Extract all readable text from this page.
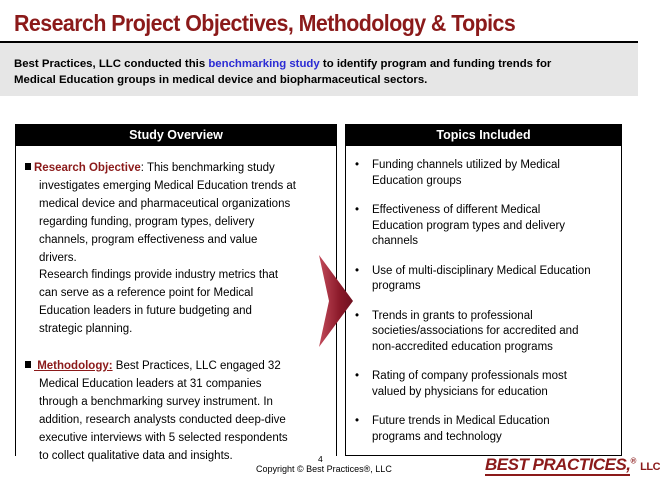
Research Project Objectives, Methodology & Topics
Best Practices, LLC conducted this benchmarking study to identify program and funding trends for
Medical Education groups in medical device and biopharmaceutical sectors.
Study Overview	Topics Included
Research Objective: This benchmarking study
investigates emerging Medical Education trends at
medical device and pharmaceutical organizations
regarding funding, program types, delivery
channels, program effectiveness and value
drivers.
Research findings provide industry metrics that
can serve as a reference point for Medical
Education leaders in future budgeting and
strategic planning.
Methodology: Best Practices, LLC engaged 32
Medical Education leaders at 31 companies
through a benchmarking survey instrument. In
addition, research analysts conducted deep-dive
executive interviews with 5 selected respondents
to collect qualitative data and insights.
• Funding channels utilized by Medical
Education groups
• Effectiveness of different Medical
Education program types and delivery
channels
• Use of multi-disciplinary Medical Education
programs
• Trends in grants to professional
societies/associations for accredited and
non-accredited education programs
• Rating of company professionals most
valued by physicians for education
• Future trends in Medical Education
programs and technology
4
Copyright © Best Practices®, LLC	BEST PRACTICES,® LLC
